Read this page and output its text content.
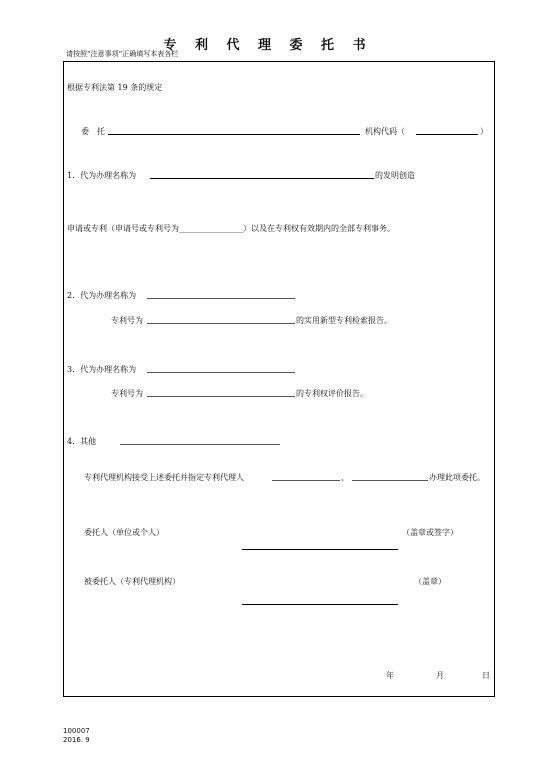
专 利 代 理 委 托 书
请按照“注意事项”正确填写本表各栏
根据专利法第 19 条的规定
委　托	机构代码（	）
1．代为办理名称为	的发明创造
申请或专利（申请号或专利号为________________）以及在专利权有效期内的全部专利事务。
2．代为办理名称为
专利号为	的实用新型专利检索报告。
3．代为办理名称为
专利号为	的专利权评价报告。
4．其他
专利代理机构接受上述委托并指定专利代理人	、	办理此项委托。
委托人（单位或个人）	（盖章或签字）
被委托人（专利代理机构）	（盖章）
年	月	日
100007
2016. 9
